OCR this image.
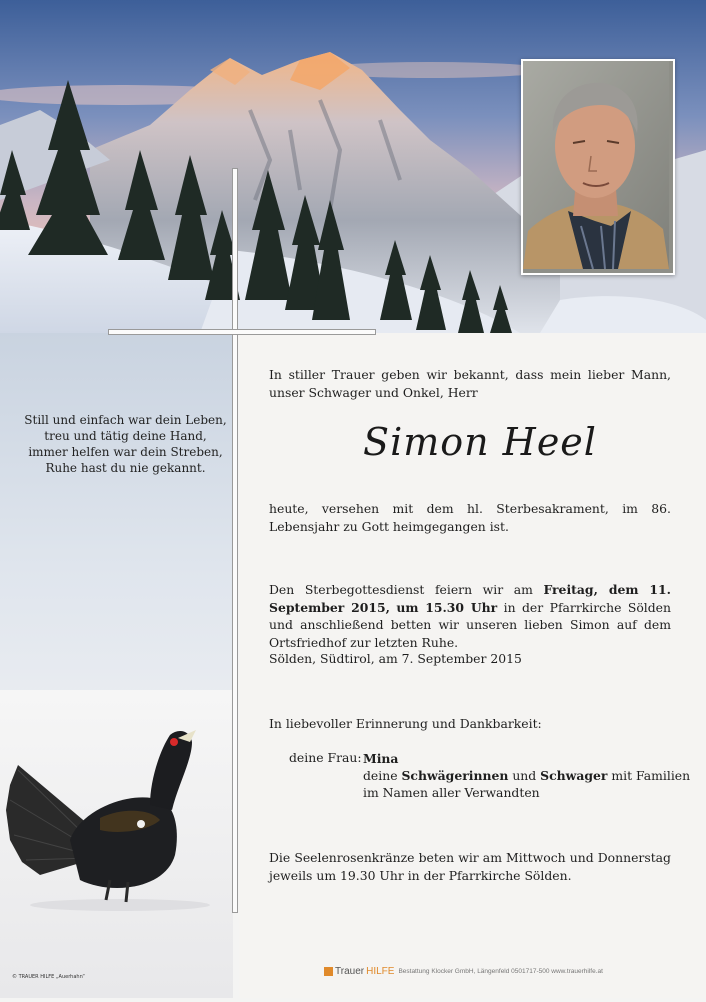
Still und einfach war dein Leben,
treu und tätig deine Hand,
immer helfen war dein Streben,
Ruhe hast du nie gekannt.
In stiller Trauer geben wir bekannt, dass mein lieber Mann, unser Schwager und Onkel, Herr
Simon Heel
heute, versehen mit dem hl. Sterbesakrament, im 86. Lebensjahr zu Gott heimgegangen ist.
Den Sterbegottesdienst feiern wir am Freitag, dem 11. September 2015, um 15.30 Uhr in der Pfarrkirche Sölden und anschließend betten wir unseren lieben Simon auf dem Ortsfriedhof zur letzten Ruhe.
Sölden, Südtirol, am 7. September 2015
In liebevoller Erinnerung und Dankbarkeit:
deine Frau: Mina
deine Schwägerinnen und Schwager mit Familien
im Namen aller Verwandten
Die Seelenrosenkränze beten wir am Mittwoch und Donnerstag jeweils um 19.30 Uhr in der Pfarrkirche Sölden.
© TRAUER HILFE „Auerhahn“	Trauer HILFE Bestattung Klocker GmbH, Längenfeld 0501717-500 www.trauerhilfe.at
